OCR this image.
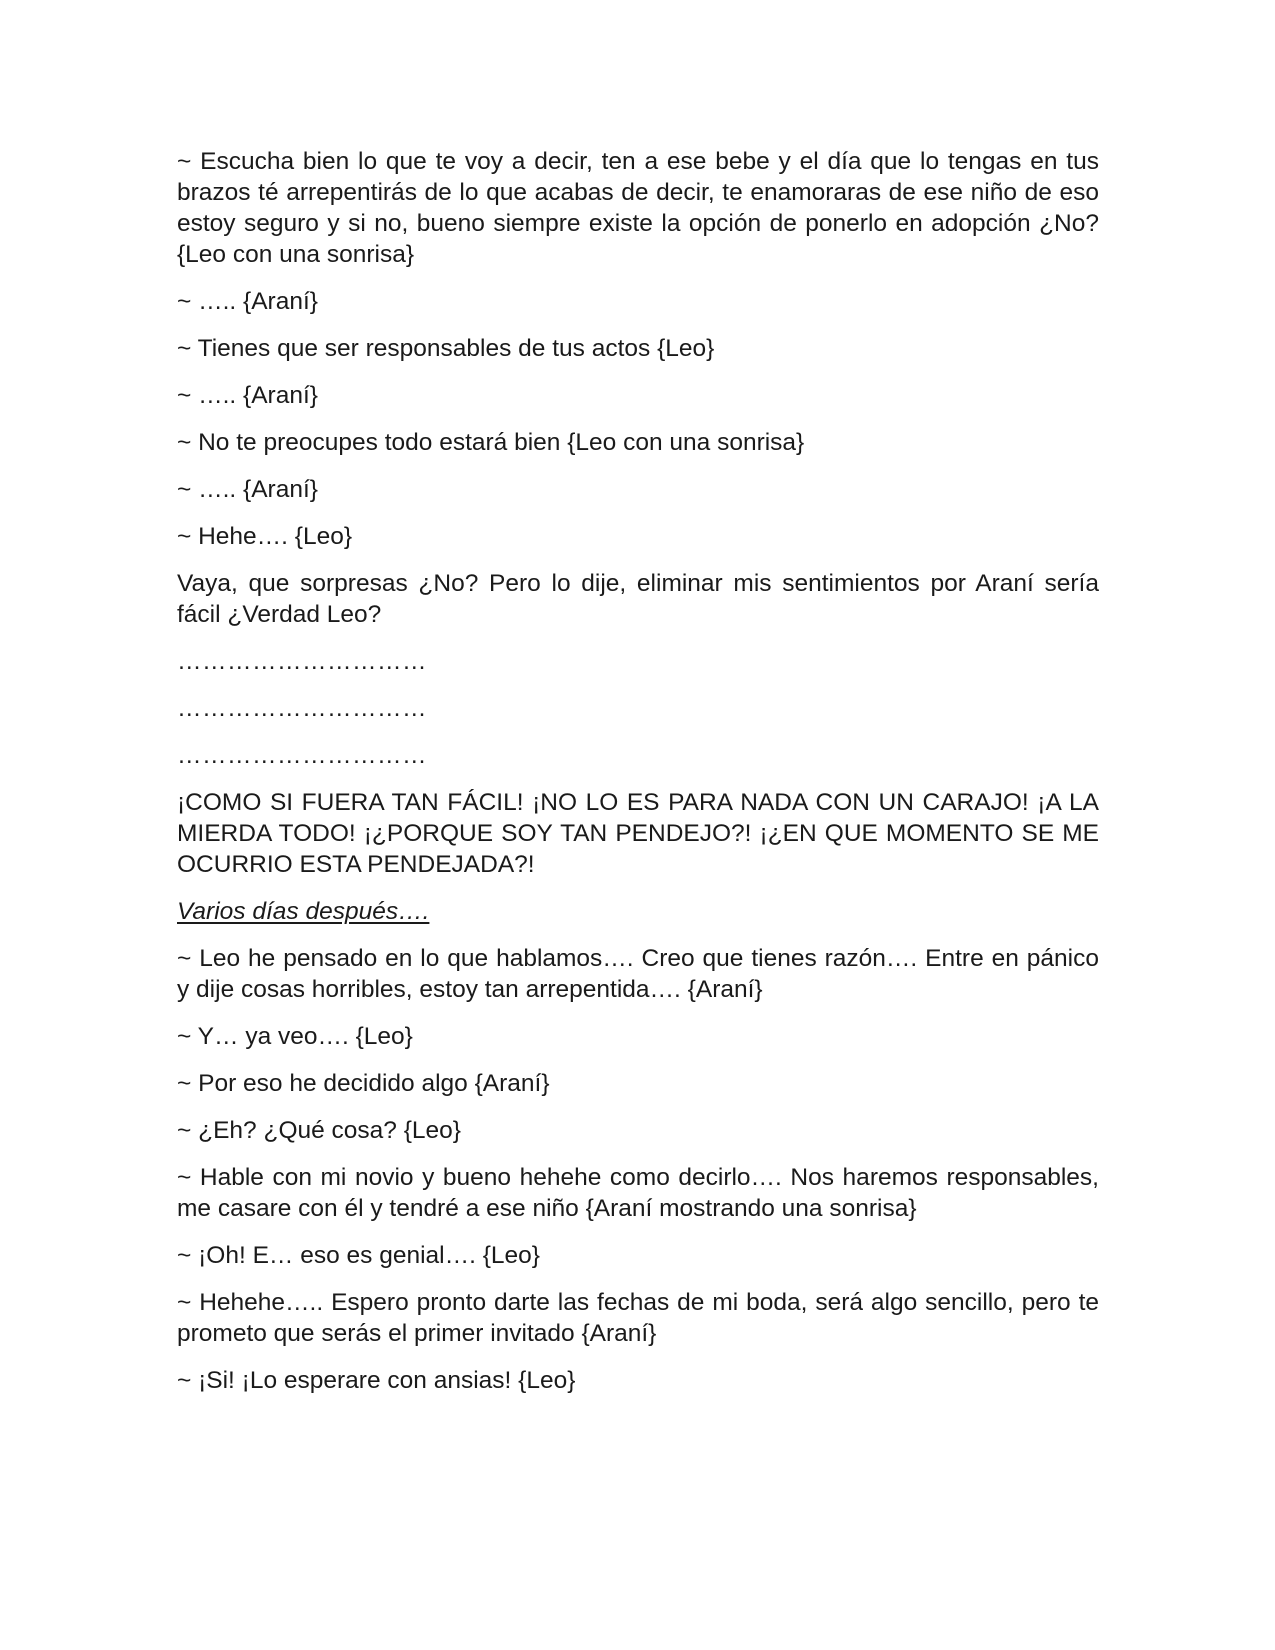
~ Escucha bien lo que te voy a decir, ten a ese bebe y el día que lo tengas en tus brazos té arrepentirás de lo que acabas de decir, te enamoraras de ese niño de eso estoy seguro y si no, bueno siempre existe la opción de ponerlo en adopción ¿No? {Leo con una sonrisa}

~ ….. {Araní}

~ Tienes que ser responsables de tus actos {Leo}

~ ….. {Araní}

~ No te preocupes todo estará bien {Leo con una sonrisa}

~ ….. {Araní}

~ Hehe…. {Leo}

Vaya, que sorpresas ¿No? Pero lo dije, eliminar mis sentimientos por Araní sería fácil ¿Verdad Leo?

…………………………

…………………………

…………………………

¡COMO SI FUERA TAN FÁCIL! ¡NO LO ES PARA NADA CON UN CARAJO! ¡A LA MIERDA TODO! ¡¿PORQUE SOY TAN PENDEJO?! ¡¿EN QUE MOMENTO SE ME OCURRIO ESTA PENDEJADA?!

Varios días después….

~ Leo he pensado en lo que hablamos…. Creo que tienes razón…. Entre en pánico y dije cosas horribles, estoy tan arrepentida…. {Araní}

~ Y… ya veo…. {Leo}

~ Por eso he decidido algo {Araní}

~ ¿Eh? ¿Qué cosa? {Leo}

~ Hable con mi novio y bueno hehehe como decirlo…. Nos haremos responsables, me casare con él y tendré a ese niño {Araní mostrando una sonrisa}

~ ¡Oh! E… eso es genial…. {Leo}

~ Hehehe….. Espero pronto darte las fechas de mi boda, será algo sencillo, pero te prometo que serás el primer invitado {Araní}

~ ¡Si! ¡Lo esperare con ansias! {Leo}
